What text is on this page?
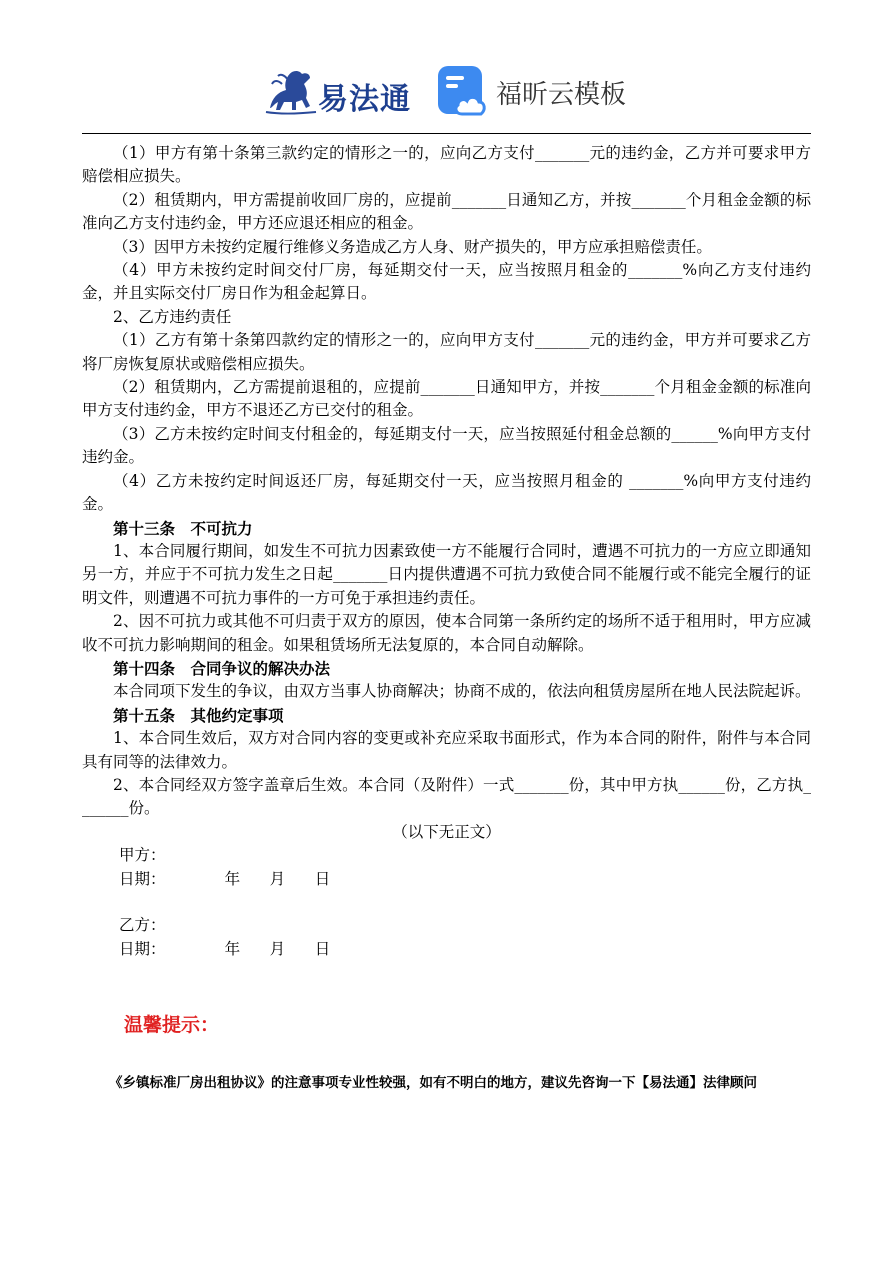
易法通	福昕云模板

（1）甲方有第十条第三款约定的情形之一的，应向乙方支付_______元的违约金，乙方并可要求甲方赔偿相应损失。

（2）租赁期内，甲方需提前收回厂房的，应提前_______日通知乙方，并按_______个月租金金额的标准向乙方支付违约金，甲方还应退还相应的租金。

（3）因甲方未按约定履行维修义务造成乙方人身、财产损失的，甲方应承担赔偿责任。

（4）甲方未按约定时间交付厂房，每延期交付一天，应当按照月租金的_______%向乙方支付违约金，并且实际交付厂房日作为租金起算日。

2、乙方违约责任

（1）乙方有第十条第四款约定的情形之一的，应向甲方支付_______元的违约金，甲方并可要求乙方将厂房恢复原状或赔偿相应损失。

（2）租赁期内，乙方需提前退租的，应提前_______日通知甲方，并按_______个月租金金额的标准向甲方支付违约金，甲方不退还乙方已交付的租金。

（3）乙方未按约定时间支付租金的，每延期支付一天，应当按照延付租金总额的______%向甲方支付违约金。

（4）乙方未按约定时间返还厂房，每延期交付一天，应当按照月租金的 _______%向甲方支付违约金。

第十三条　不可抗力

1、本合同履行期间，如发生不可抗力因素致使一方不能履行合同时，遭遇不可抗力的一方应立即通知另一方，并应于不可抗力发生之日起_______日内提供遭遇不可抗力致使合同不能履行或不能完全履行的证明文件，则遭遇不可抗力事件的一方可免于承担违约责任。

2、因不可抗力或其他不可归责于双方的原因，使本合同第一条所约定的场所不适于租用时，甲方应减收不可抗力影响期间的租金。如果租赁场所无法复原的，本合同自动解除。

第十四条　合同争议的解决办法

本合同项下发生的争议，由双方当事人协商解决；协商不成的，依法向租赁房屋所在地人民法院起诉。

第十五条　其他约定事项

1、本合同生效后，双方对合同内容的变更或补充应采取书面形式，作为本合同的附件，附件与本合同具有同等的法律效力。

2、本合同经双方签字盖章后生效。本合同（及附件）一式_______份，其中甲方执______份，乙方执_______份。

（以下无正文）

甲方：

日期：            年      月      日

乙方：

日期：            年      月      日

温馨提示：
《乡镇标准厂房出租协议》的注意事项专业性较强，如有不明白的地方，建议先咨询一下【易法通】法律顾问
